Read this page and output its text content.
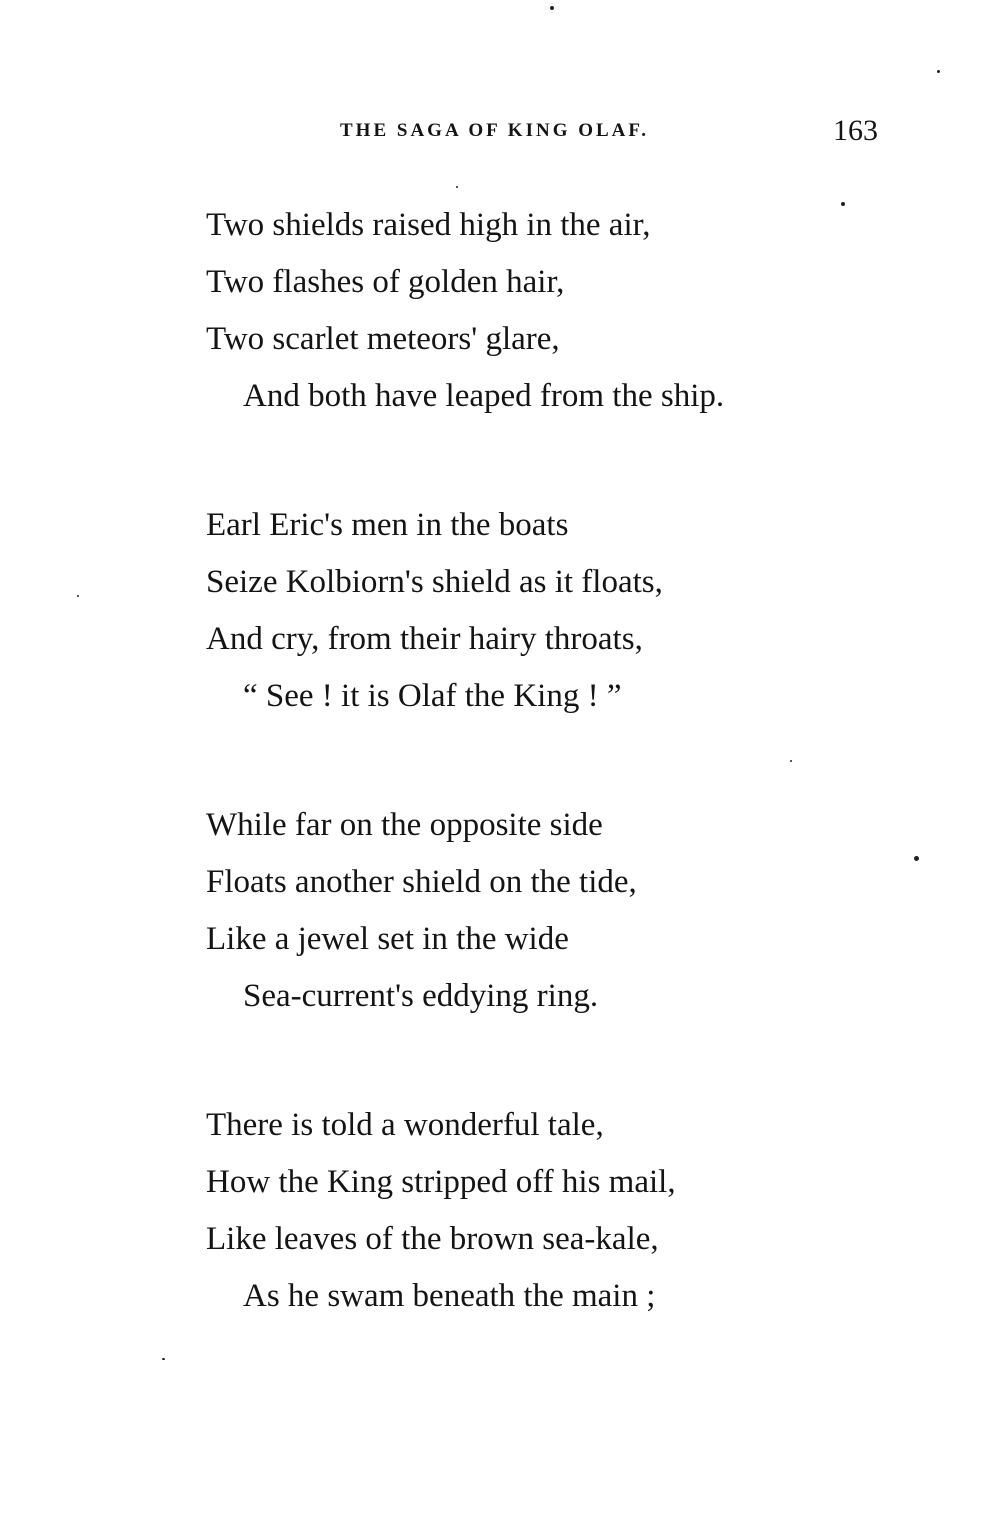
THE SAGA OF KING OLAF.	163
Two shields raised high in the air,
Two flashes of golden hair,
Two scarlet meteors' glare,
And both have leaped from the ship.
Earl Eric's men in the boats
Seize Kolbiorn's shield as it floats,
And cry, from their hairy throats,
“ See ! it is Olaf the King ! ”
While far on the opposite side
Floats another shield on the tide,
Like a jewel set in the wide
Sea-current's eddying ring.
There is told a wonderful tale,
How the King stripped off his mail,
Like leaves of the brown sea-kale,
As he swam beneath the main ;
